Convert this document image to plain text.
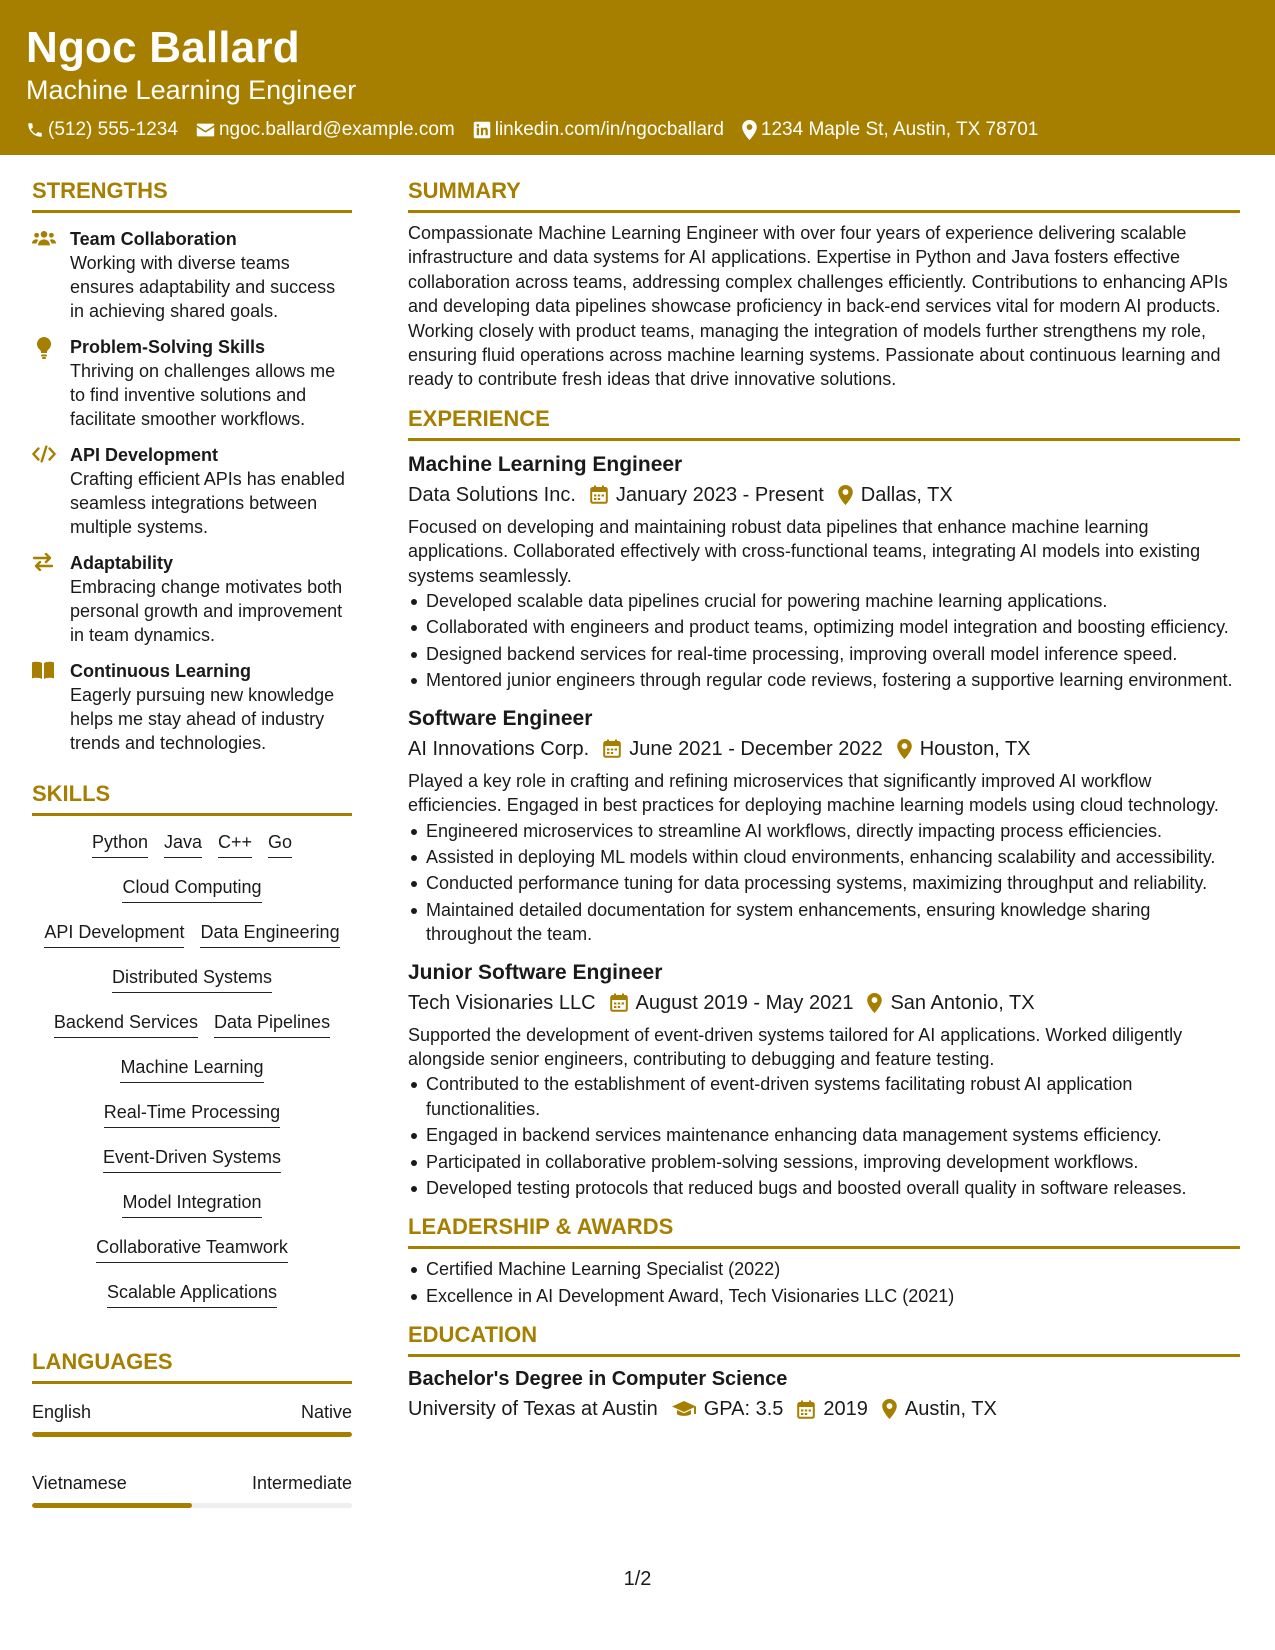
Ngoc Ballard
Machine Learning Engineer
(512) 555-1234 ngoc.ballard@example.com linkedin.com/in/ngocballard 1234 Maple St, Austin, TX 78701
STRENGTHS
Team Collaboration
Working with diverse teams ensures adaptability and success in achieving shared goals.
Problem-Solving Skills
Thriving on challenges allows me to find inventive solutions and facilitate smoother workflows.
API Development
Crafting efficient APIs has enabled seamless integrations between multiple systems.
Adaptability
Embracing change motivates both personal growth and improvement in team dynamics.
Continuous Learning
Eagerly pursuing new knowledge helps me stay ahead of industry trends and technologies.
SKILLS
Python Java C++ Go
Cloud Computing
API Development Data Engineering
Distributed Systems
Backend Services Data Pipelines
Machine Learning
Real-Time Processing
Event-Driven Systems
Model Integration
Collaborative Teamwork
Scalable Applications
LANGUAGES
English	Native
Vietnamese	Intermediate
SUMMARY
Compassionate Machine Learning Engineer with over four years of experience delivering scalable infrastructure and data systems for AI applications. Expertise in Python and Java fosters effective collaboration across teams, addressing complex challenges efficiently. Contributions to enhancing APIs and developing data pipelines showcase proficiency in back-end services vital for modern AI products. Working closely with product teams, managing the integration of models further strengthens my role, ensuring fluid operations across machine learning systems. Passionate about continuous learning and ready to contribute fresh ideas that drive innovative solutions.
EXPERIENCE
Machine Learning Engineer
Data Solutions Inc. January 2023 - Present Dallas, TX
Focused on developing and maintaining robust data pipelines that enhance machine learning applications. Collaborated effectively with cross-functional teams, integrating AI models into existing systems seamlessly.
Developed scalable data pipelines crucial for powering machine learning applications.
Collaborated with engineers and product teams, optimizing model integration and boosting efficiency.
Designed backend services for real-time processing, improving overall model inference speed.
Mentored junior engineers through regular code reviews, fostering a supportive learning environment.
Software Engineer
AI Innovations Corp. June 2021 - December 2022 Houston, TX
Played a key role in crafting and refining microservices that significantly improved AI workflow efficiencies. Engaged in best practices for deploying machine learning models using cloud technology.
Engineered microservices to streamline AI workflows, directly impacting process efficiencies.
Assisted in deploying ML models within cloud environments, enhancing scalability and accessibility.
Conducted performance tuning for data processing systems, maximizing throughput and reliability.
Maintained detailed documentation for system enhancements, ensuring knowledge sharing throughout the team.
Junior Software Engineer
Tech Visionaries LLC August 2019 - May 2021 San Antonio, TX
Supported the development of event-driven systems tailored for AI applications. Worked diligently alongside senior engineers, contributing to debugging and feature testing.
Contributed to the establishment of event-driven systems facilitating robust AI application functionalities.
Engaged in backend services maintenance enhancing data management systems efficiency.
Participated in collaborative problem-solving sessions, improving development workflows.
Developed testing protocols that reduced bugs and boosted overall quality in software releases.
LEADERSHIP & AWARDS
Certified Machine Learning Specialist (2022)
Excellence in AI Development Award, Tech Visionaries LLC (2021)
EDUCATION
Bachelor's Degree in Computer Science
University of Texas at Austin GPA: 3.5 2019 Austin, TX
1/2
